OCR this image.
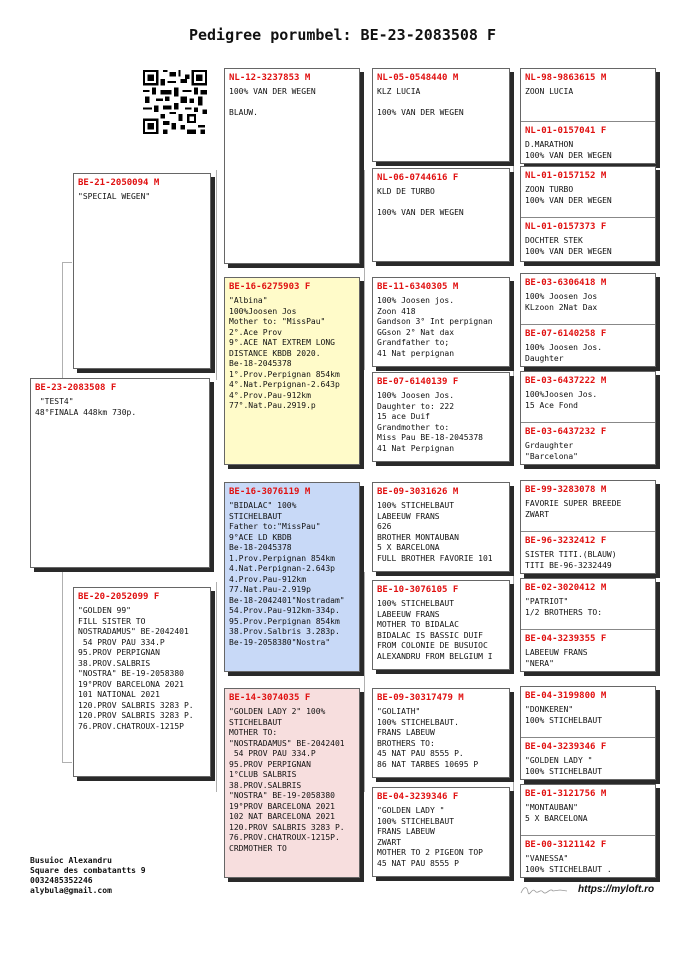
Pedigree porumbel: BE-23-2083508 F
BE-23-2083508 F
"TEST4"
48°FINALA 448km 730p.
BE-21-2050094 M
"SPECIAL WEGEN"
BE-20-2052099 F
"GOLDEN 99"
FILL SISTER TO
NOSTRADAMUS" BE-2042401
54 PROV PAU 334.P
95.PROV PERPIGNAN
38.PROV.SALBRIS
"NOSTRA" BE-19-2058380
19°PROV BARCELONA 2021
101 NATIONAL 2021
120.PROV SALBRIS 3283 P.
120.PROV SALBRIS 3283 P.
76.PROV.CHATROUX-1215P
NL-12-3237853 M
100% VAN DER WEGEN

BLAUW.
BE-16-6275903 F
"Albina"
100%Joosen Jos
Mother to: "MissPau"
2°.Ace Prov
9°.ACE NAT EXTREM LONG
DISTANCE KBDB 2020.
Be-18-2045378
1°.Prov.Perpignan 854km
4°.Nat.Perpignan-2.643p
4°.Prov.Pau-912km
77°.Nat.Pau.2919.p
BE-16-3076119 M
"BIDALAC" 100%
STICHELBAUT
Father to:"MissPau"
9°ACE LD KBDB
Be-18-2045378
1.Prov.Perpignan 854km
4.Nat.Perpignan-2.643p
4.Prov.Pau-912km
77.Nat.Pau-2.919p
Be-18-2042401"Nostradam"
54.Prov.Pau-912km-334p.
95.Prov.Perpignan 854km
38.Prov.Salbris 3.283p.
Be-19-2058380"Nostra"
BE-14-3074035 F
"GOLDEN LADY 2" 100%
STICHELBAUT
MOTHER TO:
"NOSTRADAMUS" BE-2042401
54 PROV PAU 334.P
95.PROV PERPIGNAN
1°CLUB SALBRIS
38.PROV.SALBRIS
"NOSTRA" BE-19-2058380
19°PROV BARCELONA 2021
102 NAT BARCELONA 2021
120.PROV SALBRIS 3283 P.
76.PROV.CHATROUX-1215P.
CRDMOTHER TO
NL-05-0548440 M
KLZ LUCIA

100% VAN DER WEGEN
NL-06-0744616 F
KLD DE TURBO

100% VAN DER WEGEN
BE-11-6340305 M
100% Joosen jos.
Zoon 418
Gandson 3° Int perpignan
GGson 2° Nat dax
Grandfather to;
41 Nat perpignan
BE-07-6140139 F
100% Joosen Jos.
Daughter to: 222
15 ace Duif
Grandmother to:
Miss Pau BE-18-2045378
41 Nat Perpignan
BE-09-3031626 M
100% STICHELBAUT
LABEEUW FRANS
626
BROTHER MONTAUBAN
5 X BARCELONA
FULL BROTHER FAVORIE 101
BE-10-3076105 F
100% STICHELBAUT
LABEEUW FRANS
MOTHER TO BIDALAC
BIDALAC IS BASSIC DUIF
FROM COLONIE DE BUSUIOC
ALEXANDRU FROM BELGIUM I
BE-09-30317479 M
"GOLIATH"
100% STICHELBAUT.
FRANS LABEUW
BROTHERS TO:
45 NAT PAU 8555 P.
86 NAT TARBES 10695 P
BE-04-3239346 F
"GOLDEN LADY "
100% STICHELBAUT
FRANS LABEUW
ZWART
MOTHER TO 2 PIGEON TOP
45 NAT PAU 8555 P
NL-98-9863615 M
ZOON LUCIA
NL-01-0157041 F
D.MARATHON
100% VAN DER WEGEN
NL-01-0157152 M
ZOON TURBO
100% VAN DER WEGEN
NL-01-0157373 F
DOCHTER STEK
100% VAN DER WEGEN
BE-03-6306418 M
100% Joosen Jos
KLzoon 2Nat Dax
BE-07-6140258 F
100% Joosen Jos.
Daughter
BE-03-6437222 M
100%Joosen Jos.
15 Ace Fond
BE-03-6437232 F
Grdaughter
"Barcelona"
BE-99-3283078 M
FAVORIE SUPER BREEDE
ZWART
BE-96-3232412 F
SISTER TITI.(BLAUW)
TITI BE-96-3232449
BE-02-3020412 M
"PATRIOT"
1/2 BROTHERS TO:
BE-04-3239355 F
LABEEUW FRANS
"NERA"
BE-04-3199800 M
"DONKEREN"
100% STICHELBAUT
BE-04-3239346 F
"GOLDEN LADY "
100% STICHELBAUT
BE-01-3121756 M
"MONTAUBAN"
5 X BARCELONA
BE-00-3121142 F
"VANESSA"
100% STICHELBAUT .
Busuioc Alexandru
Square des combatantts 9
0032485352246
alybula@gmail.com	https://myloft.ro
